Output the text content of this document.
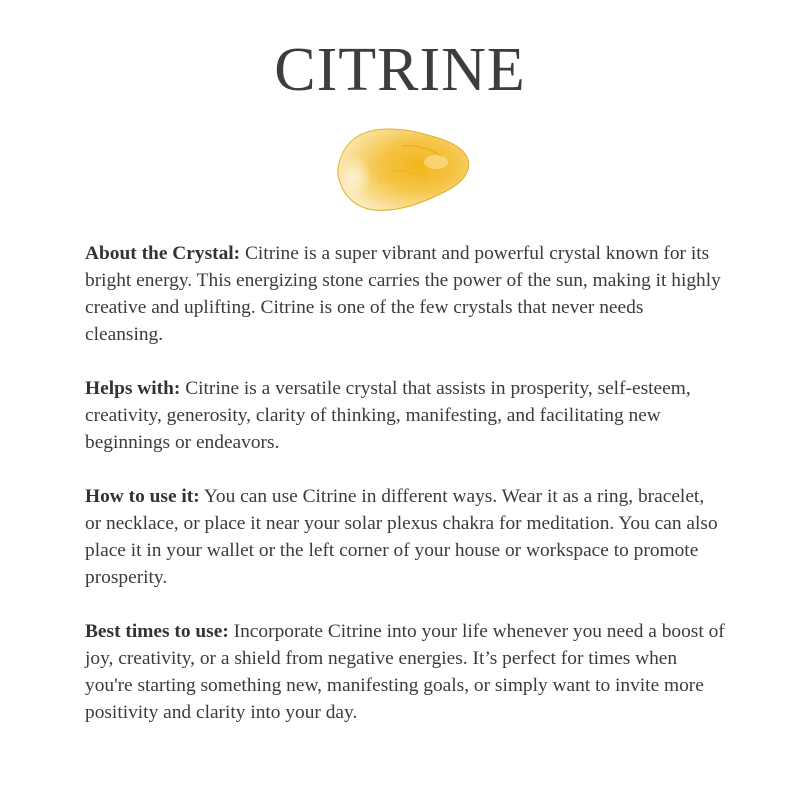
CITRINE

About the Crystal: Citrine is a super vibrant and powerful crystal known for its bright energy. This energizing stone carries the power of the sun, making it highly creative and uplifting. Citrine is one of the few crystals that never needs cleansing.

Helps with: Citrine is a versatile crystal that assists in prosperity, self-esteem, creativity, generosity, clarity of thinking, manifesting, and facilitating new beginnings or endeavors.

How to use it: You can use Citrine in different ways. Wear it as a ring, bracelet, or necklace, or place it near your solar plexus chakra for meditation. You can also place it in your wallet or the left corner of your house or workspace to promote prosperity.

Best times to use: Incorporate Citrine into your life whenever you need a boost of joy, creativity, or a shield from negative energies. It’s perfect for times when you're starting something new, manifesting goals, or simply want to invite more positivity and clarity into your day.
